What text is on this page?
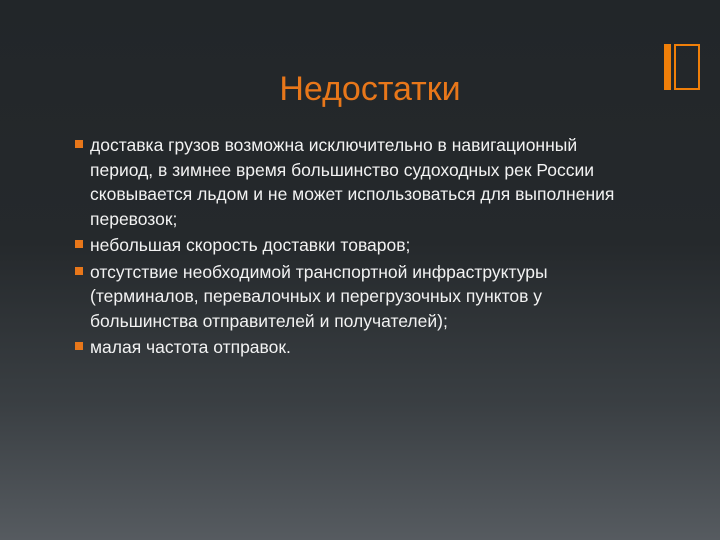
Недостатки
доставка грузов возможна исключительно в навигационный период, в зимнее время большинство судоходных рек России сковывается льдом и не может использоваться для выполнения перевозок;
небольшая скорость доставки товаров;
отсутствие необходимой транспортной инфраструктуры (терминалов, перевалочных и перегрузочных пунктов у большинства отправителей и получателей);
малая частота отправок.
